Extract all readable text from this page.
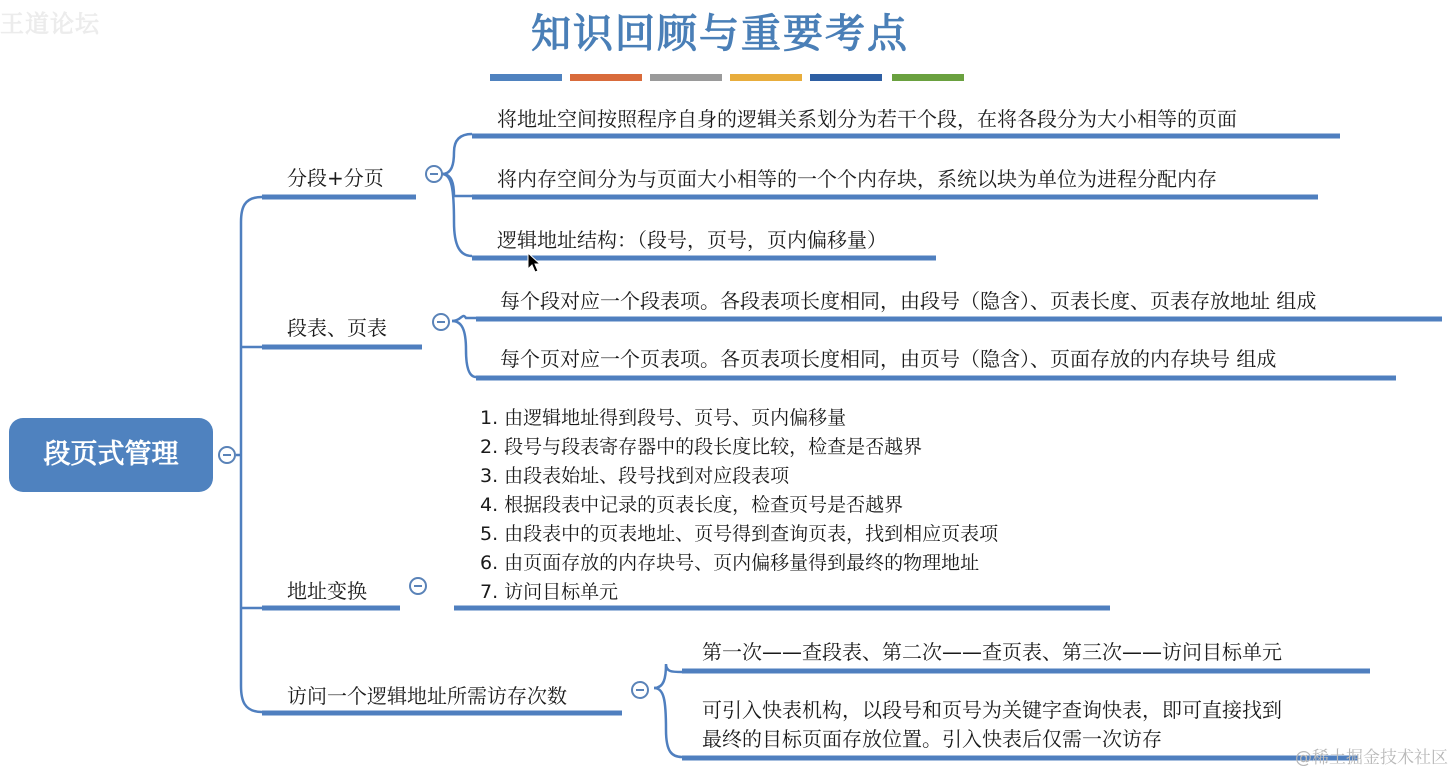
王道论坛	知识回顾与重要考点
段页式管理
分段+分页
将地址空间按照程序自身的逻辑关系划分为若干个段，在将各段分为大小相等的页面
将内存空间分为与页面大小相等的一个个内存块，系统以块为单位为进程分配内存
逻辑地址结构：（段号，页号，页内偏移量）
段表、页表
每个段对应一个段表项。各段表项长度相同，由段号（隐含）、页表长度、页表存放地址 组成
每个页对应一个页表项。各页表项长度相同，由页号（隐含）、页面存放的内存块号 组成
地址变换
1. 由逻辑地址得到段号、页号、页内偏移量
2. 段号与段表寄存器中的段长度比较，检查是否越界
3. 由段表始址、段号找到对应段表项
4. 根据段表中记录的页表长度，检查页号是否越界
5. 由段表中的页表地址、页号得到查询页表，找到相应页表项
6. 由页面存放的内存块号、页内偏移量得到最终的物理地址
7. 访问目标单元
访问一个逻辑地址所需访存次数
第一次——查段表、第二次——查页表、第三次——访问目标单元
可引入快表机构，以段号和页号为关键字查询快表，即可直接找到
最终的目标页面存放位置。引入快表后仅需一次访存
@稀土掘金技术社区
